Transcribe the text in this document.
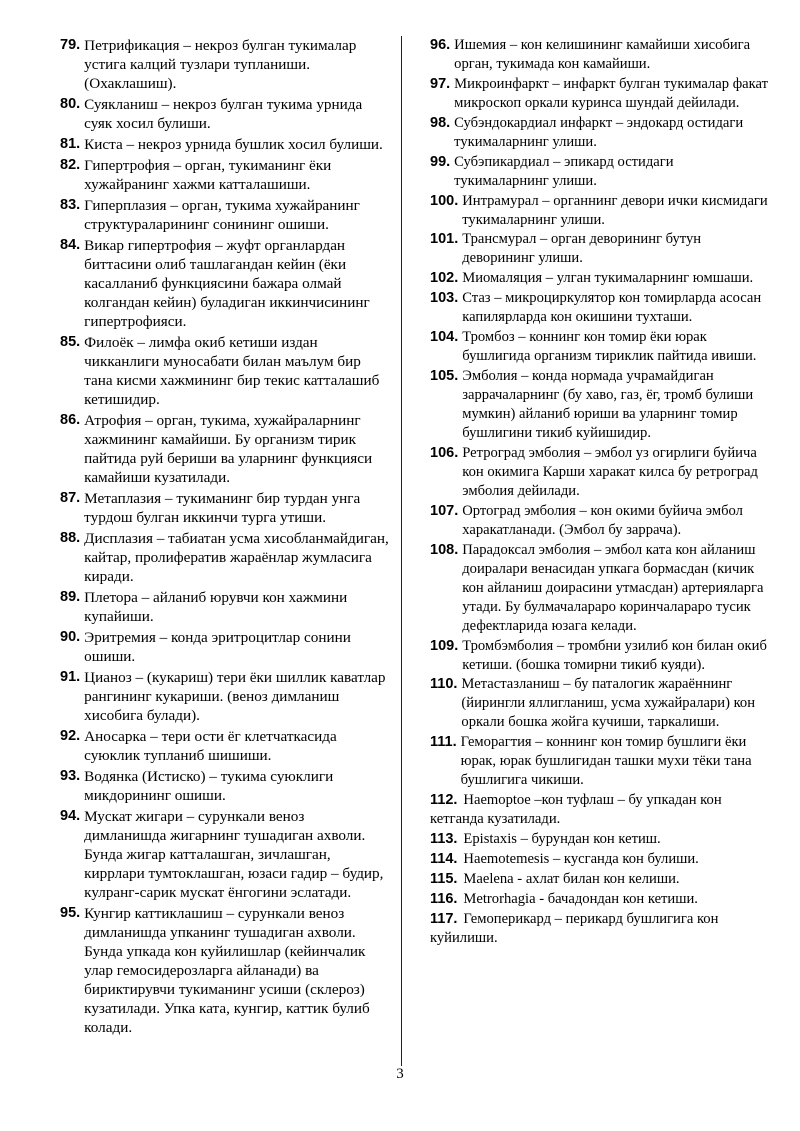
79. Петрификация – некроз булган тукималар устига калций тузлари тупланиши. (Охаклашиш).
80. Суякланиш – некроз булган тукима урнида суяк хосил булиши.
81. Киста – некроз урнида бушлик хосил булиши.
82. Гипертрофия – орган, тукиманинг ёки хужайранинг хажми катталашиши.
83. Гиперплазия – орган, тукима хужайранинг структураларининг сонининг ошиши.
84. Викар гипертрофия – жуфт органлардан биттасини олиб ташлагандан кейин (ёки касалланиб функциясини бажара олмай колгандан кейин) буладиган иккинчисининг гипертрофияси.
85. Филоёк – лимфа окиб кетиши издан чикканлиги муносабати билан маълум бир тана кисми хажмининг бир текис катталашиб кетишидир.
86. Атрофия – орган, тукима, хужайраларнинг хажмининг камайиши. Бу организм тирик пайтида руй бериши ва уларнинг функцияси камайиши кузатилади.
87. Метаплазия – тукиманинг бир турдан унга турдош булган иккинчи турга утиши.
88. Дисплазия – табиатан усма хисобланмайдиган, кайтар, пролифератив жараёнлар жумласига киради.
89. Плетора – айланиб юрувчи кон хажмини купайиши.
90. Эритремия – конда эритроцитлар сонини ошиши.
91. Цианоз – (кукариш) тери ёки шиллик каватлар рангининг кукариши. (веноз димланиш хисобига булади).
92. Аносарка – тери ости ёг клетчаткасида суюклик тупланиб шишиши.
93. Водянка (Истиско) – тукима суюклиги микдорининг ошиши.
94. Мускат жигари – сурункали веноз димланишда жигарнинг тушадиган ахволи. Бунда жигар катталашган, зичлашган, киррлари тумтоклашган, юзаси гадир – будир, кулранг-сарик мускат ёнгогини эслатади.
95. Кунгир каттиклашиш – сурункали веноз димланишда упканинг тушадиган ахволи. Бунда упкада кон куйилишлар (кейинчалик улар гемосидерозларга айланади) ва бириктирувчи тукиманинг усиши (склероз) кузатилади. Упка ката, кунгир, каттик булиб колади.
96. Ишемия – кон келишининг камайиши хисобига орган, тукимада кон камайиши.
97. Микроинфаркт – инфаркт булган тукималар факат микроскоп оркали куринса шундай дейилади.
98. Субэндокардиал инфаркт – эндокард остидаги тукималарнинг улиши.
99. Субэпикардиал – эпикард остидаги тукималарнинг улиши.
100. Интрамурал – органнинг девори ички кисмидаги тукималарнинг улиши.
101. Трансмурал – орган деворининг бутун деворининг улиши.
102. Миомаляция – улган тукималарнинг юмшаши.
103. Стаз – микроциркулятор кон томирларда асосан капилярларда кон окишини тухташи.
104. Тромбоз – коннинг кон томир ёки юрак бушлигида организм тириклик пайтида ивиши.
105. Эмболия – конда нормада учрамайдиган заррачаларнинг (бу хаво, газ, ёг, тромб булиши мумкин) айланиб юриши ва уларнинг томир бушлигини тикиб куйишидир.
106. Ретроград эмболия – эмбол уз огирлиги буйича кон окимига Карши харакат килса бу ретроград эмболия дейилади.
107. Ортоград эмболия – кон окими буйича эмбол харакатланади. (Эмбол бу заррача).
108. Парадоксал эмболия – эмбол ката кон айланиш доиралари венасидан упкага бормасдан (кичик кон айланиш доирасини утмасдан) артерияларга утади. Бу булмачалараро коринчалараро тусик дефектларида юзага келади.
109. Тромбэмболия – тромбни узилиб кон билан окиб кетиши. (бошка томирни тикиб куяди).
110. Метастазланиш – бу паталогик жараённинг (йирингли яллигланиш, усма хужайралари) кон оркали бошка жойга кучиши, таркалиши.
111. Геморагтия – коннинг кон томир бушлиги ёки юрак, юрак бушлигидан ташки мухи тёки тана бушлигига чикиши.
112. Haemoptoe –кон туфлаш – бу упкадан кон кетганда кузатилади.
113. Epistaxis – бурундан кон кетиш.
114. Haemotemesis – кусганда кон булиши.
115. Maelena - ахлат билан кон келиши.
116. Metrorhagia - бачадондан кон кетиши.
117. Гемоперикард – перикард бушлигига кон куйилиши.
3
